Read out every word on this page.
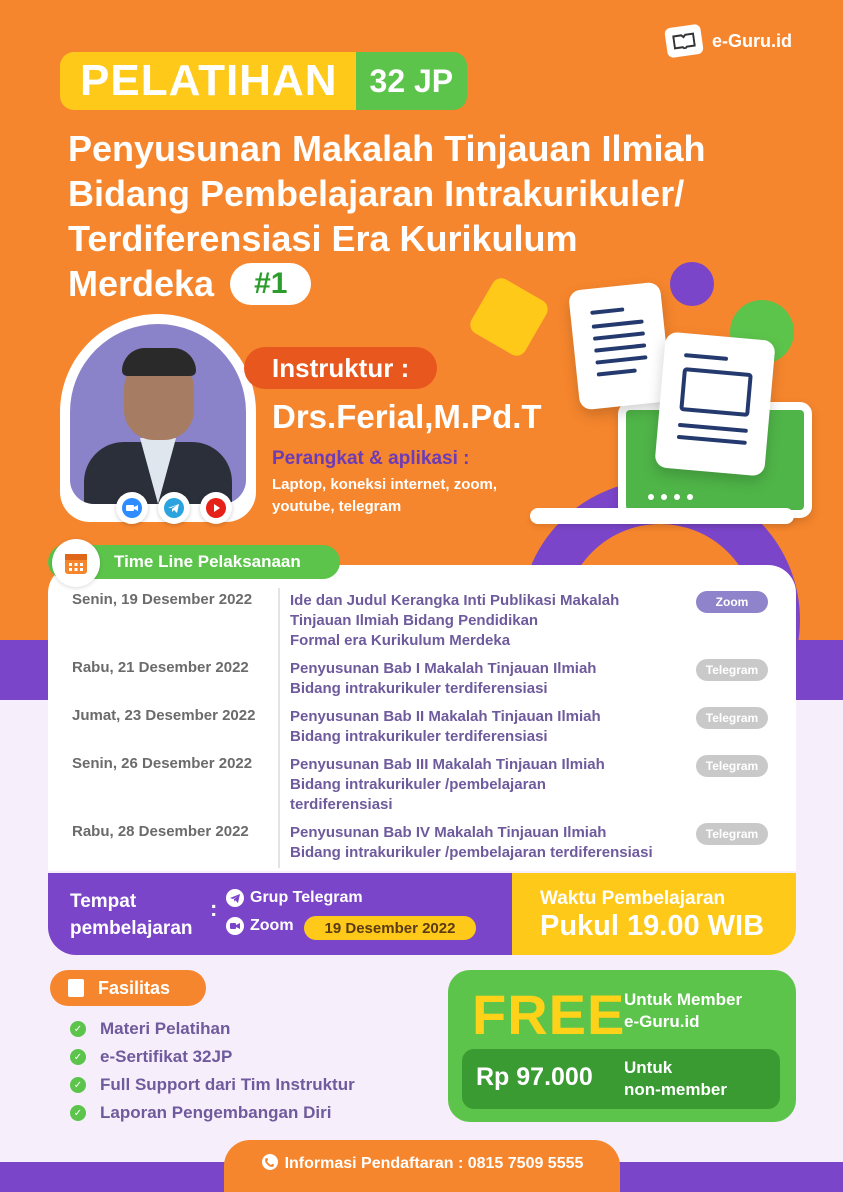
e-Guru.id
PELATIHAN	32 JP
Penyusunan Makalah Tinjauan Ilmiah
Bidang Pembelajaran Intrakurikuler/
Terdiferensiasi Era Kurikulum
Merdeka	#1
Instruktur :
Drs.Ferial,M.Pd.T
Perangkat & aplikasi :
Laptop, koneksi internet, zoom,
youtube, telegram
Time Line Pelaksanaan
Senin, 19 Desember 2022	Ide dan Judul Kerangka Inti Publikasi Makalah
Tinjauan Ilmiah Bidang Pendidikan
Formal era Kurikulum Merdeka
Zoom
Rabu, 21 Desember 2022	Penyusunan Bab I Makalah Tinjauan Ilmiah
Bidang intrakurikuler terdiferensiasi
Telegram
Jumat, 23 Desember 2022 Penyusunan Bab II Makalah Tinjauan Ilmiah
Bidang intrakurikuler terdiferensiasi
Telegram
Senin, 26 Desember 2022	Penyusunan Bab III Makalah Tinjauan Ilmiah
Bidang intrakurikuler /pembelajaran
terdiferensiasi
Telegram
Rabu, 28 Desember 2022	Penyusunan Bab IV Makalah Tinjauan Ilmiah
Bidang intrakurikuler /pembelajaran terdiferensiasi
Telegram
Tempat
pembelajaran
: Grup Telegram
Zoom	19 Desember 2022
Waktu Pembelajaran
Pukul 19.00 WIB
Fasilitas
✓ Materi Pelatihan
✓ e-Sertifikat 32JP
✓ Full Support dari Tim Instruktur
✓ Laporan Pengembangan Diri
FREE
Untuk Member
e-Guru.id
Rp 97.000 Untuk
non-member
Informasi Pendaftaran : 0815 7509 5555
